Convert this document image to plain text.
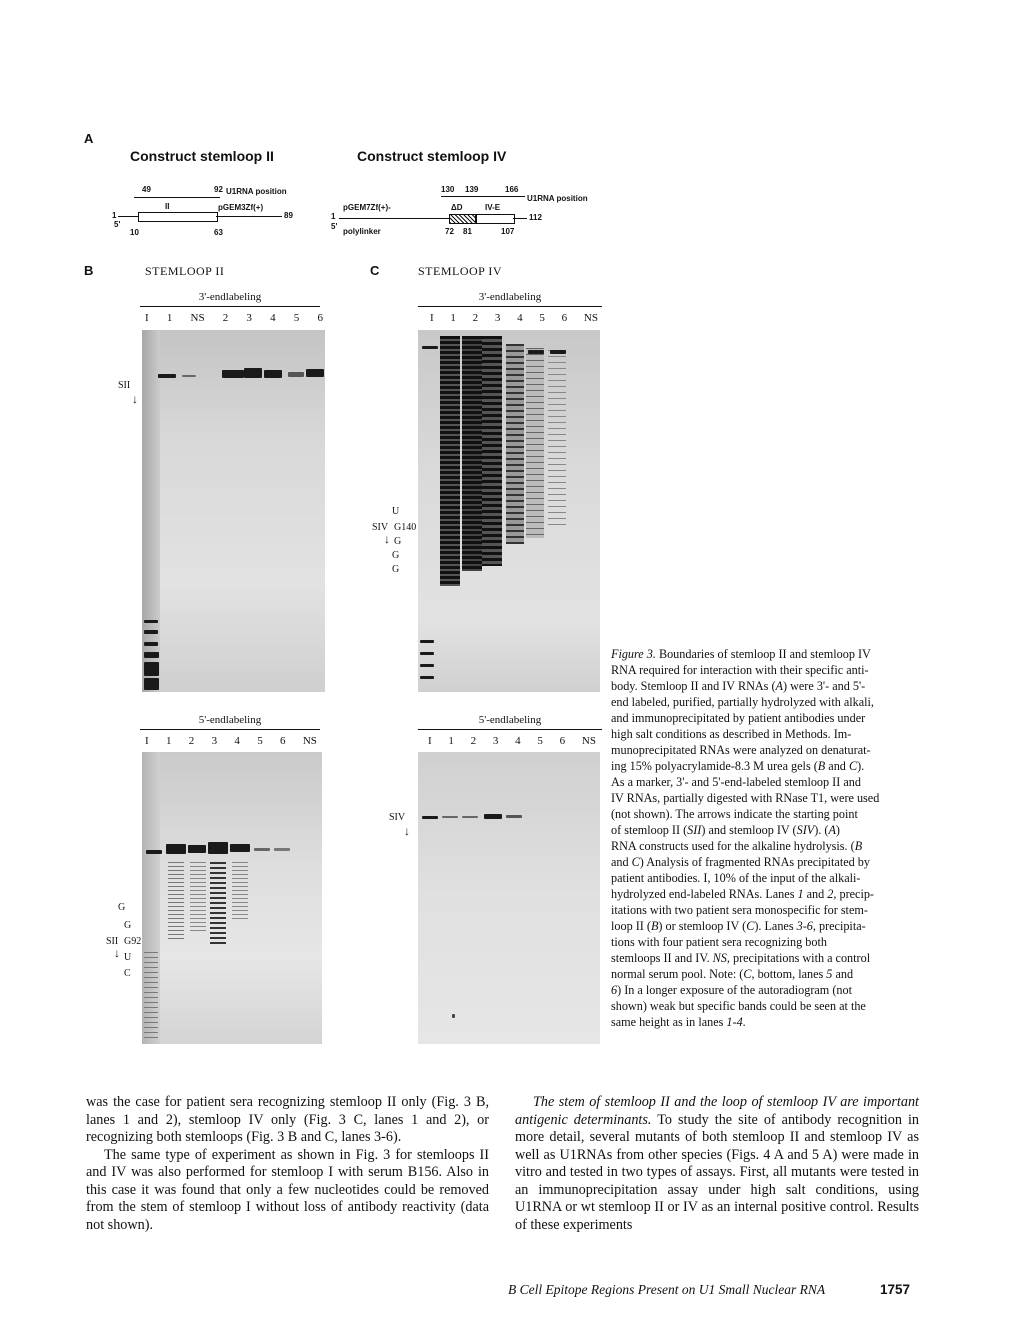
A
Construct stemloop II	Construct stemloop IV
49	92 U1RNA position
II	pGEM3Zf(+)
89
1
5'
10	63
130 139	166
U1RNA position
pGEM7Zf(+)-	ΔD	IV-E
112
1
5'
polylinker	72 81	107
B	STEMLOOP II
3'-endlabeling
I 1 NS 2 3 4 5 6
SII
↓
5'-endlabeling
I 1 2 3 4 5 6 NS
G
G
SII G92
↓ U
C
C	STEMLOOP IV
3'-endlabeling
I 1 2 3 4 5 6 NS
U
SIV G140
↓ G
G
G
5'-endlabeling
I 1 2 3 4 5 6 NS
SIV
↓
Figure 3. Boundaries of stemloop II and stemloop IV
RNA required for interaction with their specific anti-
body. Stemloop II and IV RNAs (A) were 3'- and 5'-
end labeled, purified, partially hydrolyzed with alkali,
and immunoprecipitated by patient antibodies under
high salt conditions as described in Methods. Im-
munoprecipitated RNAs were analyzed on denaturat-
ing 15% polyacrylamide-8.3 M urea gels (B and C).
As a marker, 3'- and 5'-end-labeled stemloop II and
IV RNAs, partially digested with RNase T1, were used
(not shown). The arrows indicate the starting point
of stemloop II (SII) and stemloop IV (SIV). (A)
RNA constructs used for the alkaline hydrolysis. (B
and C) Analysis of fragmented RNAs precipitated by
patient antibodies. I, 10% of the input of the alkali-
hydrolyzed end-labeled RNAs. Lanes 1 and 2, precip-
itations with two patient sera monospecific for stem-
loop II (B) or stemloop IV (C). Lanes 3-6, precipita-
tions with four patient sera recognizing both
stemloops II and IV. NS, precipitations with a control
normal serum pool. Note: (C, bottom, lanes 5 and
6) In a longer exposure of the autoradiogram (not
shown) weak but specific bands could be seen at the
same height as in lanes 1-4.

was the case for patient sera recognizing stemloop II only (Fig. 3 B, lanes 1 and 2), stemloop IV only (Fig. 3 C, lanes 1 and 2), or recognizing both stemloops (Fig. 3 B and C, lanes 3-6).

The same type of experiment as shown in Fig. 3 for stemloops II and IV was also performed for stemloop I with serum B156. Also in this case it was found that only a few nucleotides could be removed from the stem of stemloop I without loss of antibody reactivity (data not shown).

The stem of stemloop II and the loop of stemloop IV are important antigenic determinants. To study the site of antibody recognition in more detail, several mutants of both stemloop II and stemloop IV as well as U1RNAs from other species (Figs. 4 A and 5 A) were made in vitro and tested in two types of assays. First, all mutants were tested in an immunoprecipitation assay under high salt conditions, using U1RNA or wt stemloop II or IV as an internal positive control. Results of these experiments

B Cell Epitope Regions Present on U1 Small Nuclear RNA	1757
